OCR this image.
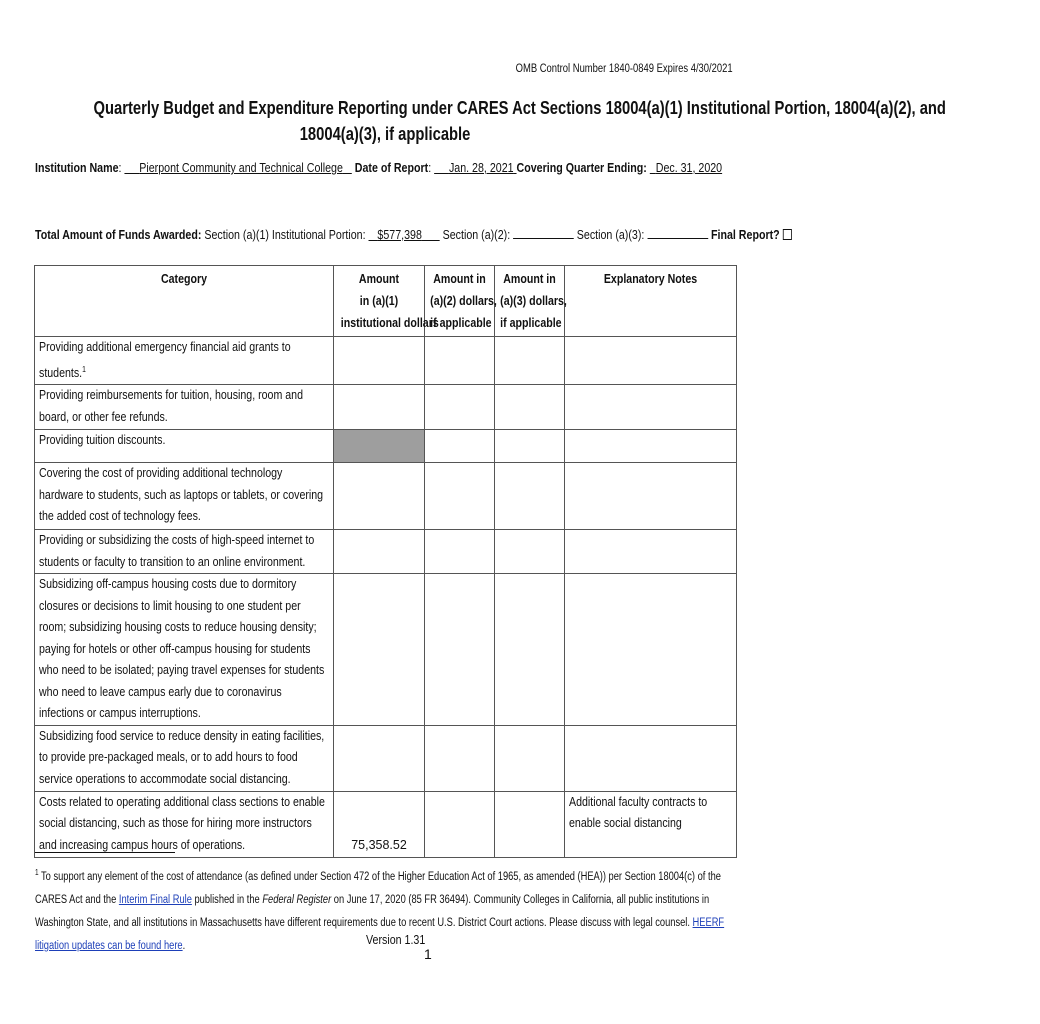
OMB Control Number 1840-0849 Expires 4/30/2021
Quarterly Budget and Expenditure Reporting under CARES Act Sections 18004(a)(1) Institutional Portion, 18004(a)(2), and
18004(a)(3), if applicable
Institution Name:      Pierpont Community and Technical College Date of Report:      Jan. 28, 2021 Covering Quarter Ending: Dec. 31, 2020
Total Amount of Funds Awarded: Section (a)(1) Institutional Portion: $577,398 Section (a)(2):	Section (a)(3):	Final Report?
Category	Amount
in (a)(1)
institutional dollars	Amount in
(a)(2) dollars,
if applicable	Amount in
(a)(3) dollars,
if applicable	Explanatory Notes

Providing additional emergency financial aid grants to students.$^1$

Providing reimbursements for tuition, housing, room and board, or other fee refunds.				

Providing tuition discounts.				

Covering the cost of providing additional technology hardware to students, such as laptops or tablets, or covering the added cost of technology fees.				

Providing or subsidizing the costs of high-speed internet to students or faculty to transition to an online environment.				

Subsidizing off-campus housing costs due to dormitory closures or decisions to limit housing to one student per room; subsidizing housing costs to reduce housing density; paying for hotels or other off-campus housing for students who need to be isolated; paying travel expenses for students who need to leave campus early due to coronavirus infections or campus interruptions.				

Subsidizing food service to reduce density in eating facilities, to provide pre-packaged meals, or to add hours to food service operations to accommodate social distancing.				

Costs related to operating additional class sections to enable social distancing, such as those for hiring more instructors and increasing campus hours of operations.	75,358.52			Additional faculty contracts to enable social distancing
$^1$ To support any element of the cost of attendance (as defined under Section 472 of the Higher Education Act of 1965, as amended (HEA)) per Section 18004(c) of the CARES Act and the Interim Final Rule published in the Federal Register on June 17, 2020 (85 FR 36494). Community Colleges in California, all public institutions in Washington State, and all institutions in Massachusetts have different requirements due to recent U.S. District Court actions. Please discuss with legal counsel. HEERF litigation updates can be found here.	Version 1.31
1
